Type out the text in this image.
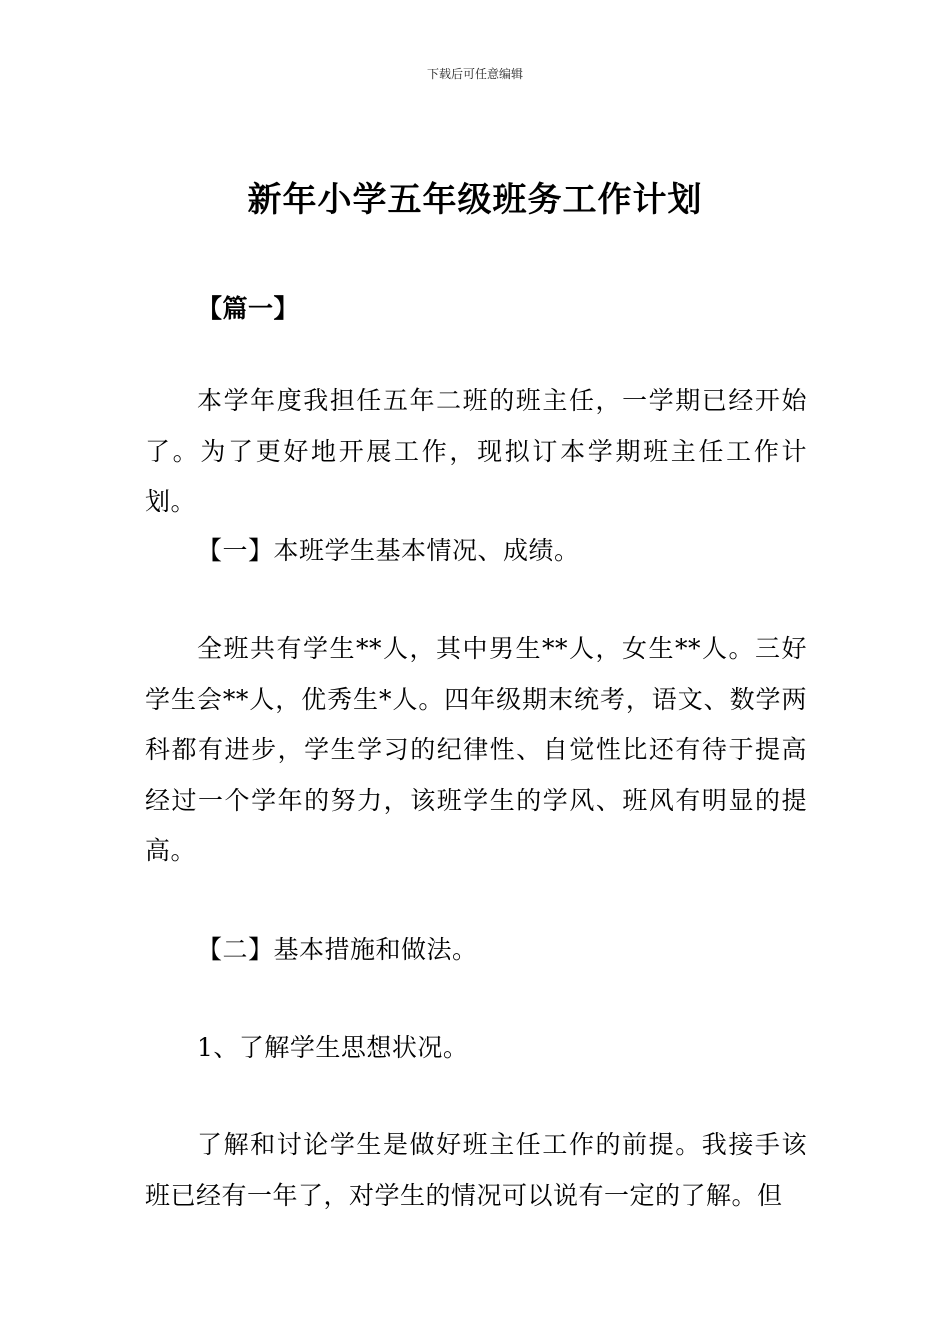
下载后可任意编辑
新年小学五年级班务工作计划

【篇一】

本学年度我担任五年二班的班主任，一学期已经开始了。为了更好地开展工作，现拟订本学期班主任工作计划。

【一】本班学生基本情况、成绩。

全班共有学生**人，其中男生**人，女生**人。三好学生会**人，优秀生*人。四年级期末统考，语文、数学两科都有进步，学生学习的纪律性、自觉性比还有待于提高经过一个学年的努力，该班学生的学风、班风有明显的提高。

【二】基本措施和做法。

1、了解学生思想状况。

了解和讨论学生是做好班主任工作的前提。我接手该班已经有一年了，对学生的情况可以说有一定的了解。但
